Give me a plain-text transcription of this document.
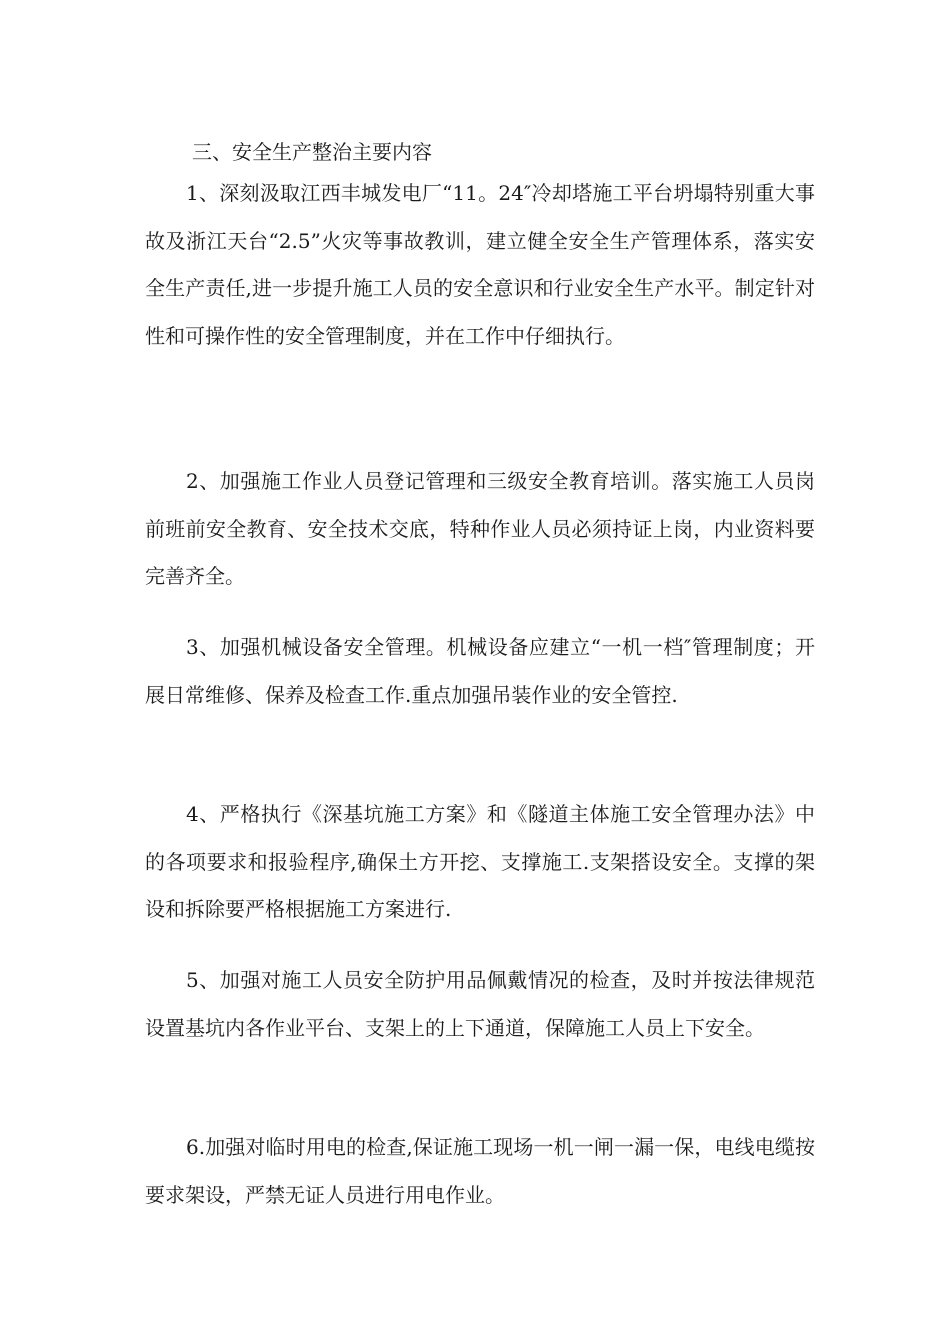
三、安全生产整治主要内容

1、深刻汲取江西丰城发电厂“11。24″冷却塔施工平台坍塌特别重大事故及浙江天台“2.5”火灾等事故教训，建立健全安全生产管理体系，落实安全生产责任,进一步提升施工人员的安全意识和行业安全生产水平。制定针对性和可操作性的安全管理制度，并在工作中仔细执行。

2、加强施工作业人员登记管理和三级安全教育培训。落实施工人员岗前班前安全教育、安全技术交底，特种作业人员必须持证上岗，内业资料要完善齐全。

3、加强机械设备安全管理。机械设备应建立“一机一档″管理制度；开展日常维修、保养及检查工作.重点加强吊装作业的安全管控.

4、严格执行《深基坑施工方案》和《隧道主体施工安全管理办法》中的各项要求和报验程序,确保土方开挖、支撑施工.支架搭设安全。支撑的架设和拆除要严格根据施工方案进行.

5、加强对施工人员安全防护用品佩戴情况的检查，及时并按法律规范设置基坑内各作业平台、支架上的上下通道，保障施工人员上下安全。

6.加强对临时用电的检查,保证施工现场一机一闸一漏一保，电线电缆按要求架设，严禁无证人员进行用电作业。
